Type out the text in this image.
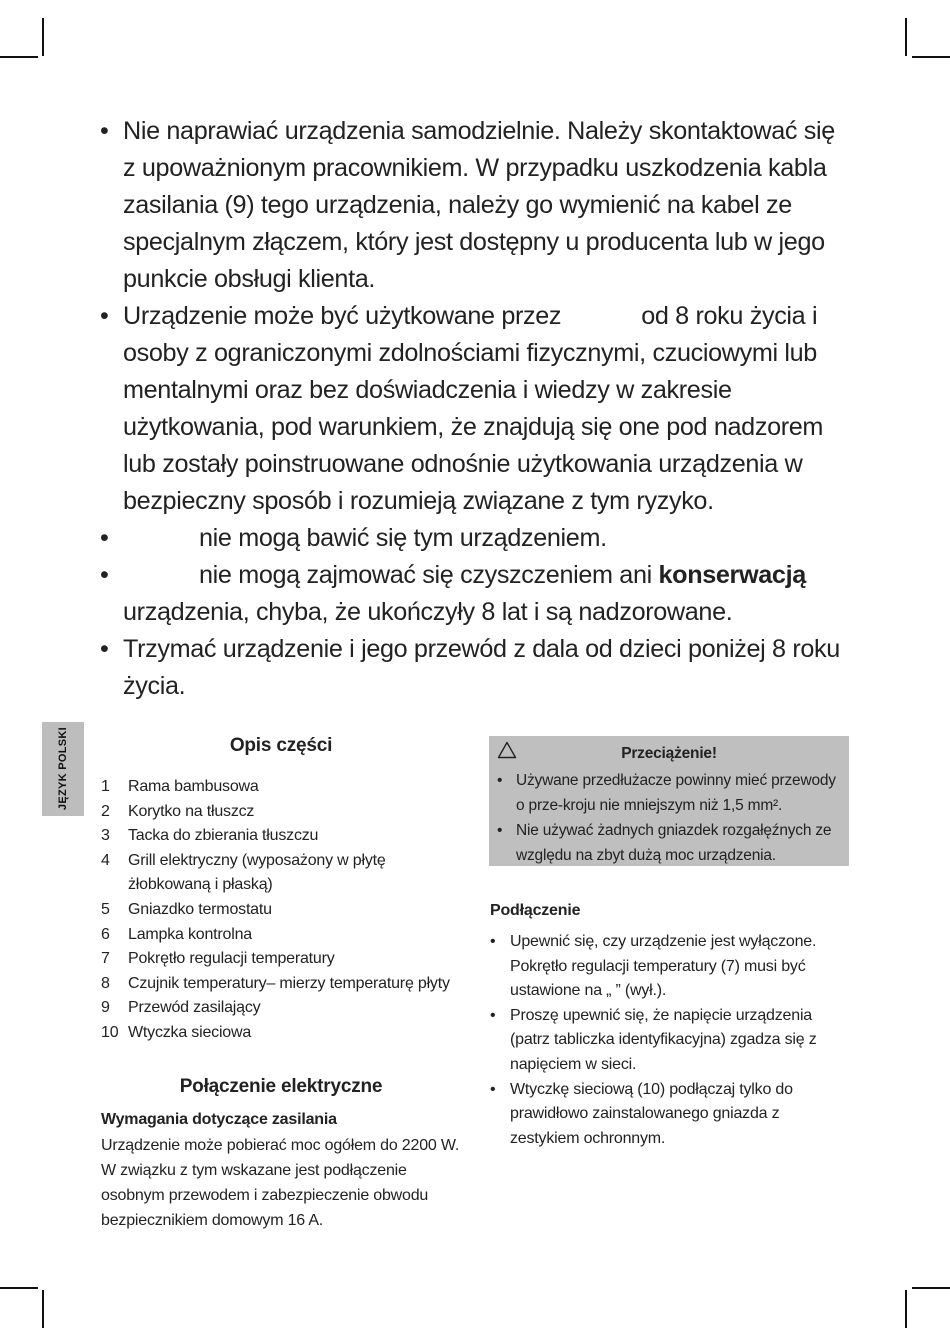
• Nie naprawiać urządzenia samodzielnie. Należy skontaktować się z upoważnionym pracownikiem. W przypadku uszkodzenia kabla zasilania (9) tego urządzenia, należy go wymienić na kabel ze specjalnym złączem, który jest dostępny u producenta lub w jego punkcie obsługi klienta.
• Urządzenie może być użytkowane przez	od 8 roku życia i osoby z ograniczonymi zdolnościami fizycznymi, czuciowymi lub mentalnymi oraz bez doświadczenia i wiedzy w zakresie użytkowania, pod warunkiem, że znajdują się one pod nadzorem lub zostały poinstruowane odnośnie użytkowania urządzenia w bezpieczny sposób i rozumieją związane z tym ryzyko.
•	nie mogą bawić się tym urządzeniem.
•	nie mogą zajmować się czyszczeniem ani konserwacją urządzenia, chyba, że ukończyły 8 lat i są nadzorowane.
• Trzymać urządzenie i jego przewód z dala od dzieci poniżej 8 roku życia.
JĘZYK POLSKI	Opis części
1 Rama bambusowa
2 Korytko na tłuszcz
3 Tacka do zbierania tłuszczu
4 Grill elektryczny (wyposażony w płytę żłobkowaną i płaską)
5 Gniazdko termostatu
6 Lampka kontrolna
7 Pokrętło regulacji temperatury
8 Czujnik temperatury– mierzy temperaturę płyty
9 Przewód zasilający
10 Wtyczka sieciowa
Połączenie elektryczne
Wymagania dotyczące zasilania
Urządzenie może pobierać moc ogółem do 2200 W. W związku z tym wskazane jest podłączenie osobnym przewodem i zabezpieczenie obwodu bezpiecznikiem domowym 16 A.
Przeciążenie!
• Używane przedłużacze powinny mieć przewody o prze-kroju nie mniejszym niż 1,5 mm².
• Nie używać żadnych gniazdek rozgałęźnych ze względu na zbyt dużą moc urządzenia.
Podłączenie
• Upewnić się, czy urządzenie jest wyłączone. Pokrętło regulacji temperatury (7) musi być ustawione na „ ” (wył.).
• Proszę upewnić się, że napięcie urządzenia (patrz tabliczka identyfikacyjna) zgadza się z napięciem w sieci.
• Wtyczkę sieciową (10) podłączaj tylko do prawidłowo zainstalowanego gniazda z zestykiem ochronnym.
